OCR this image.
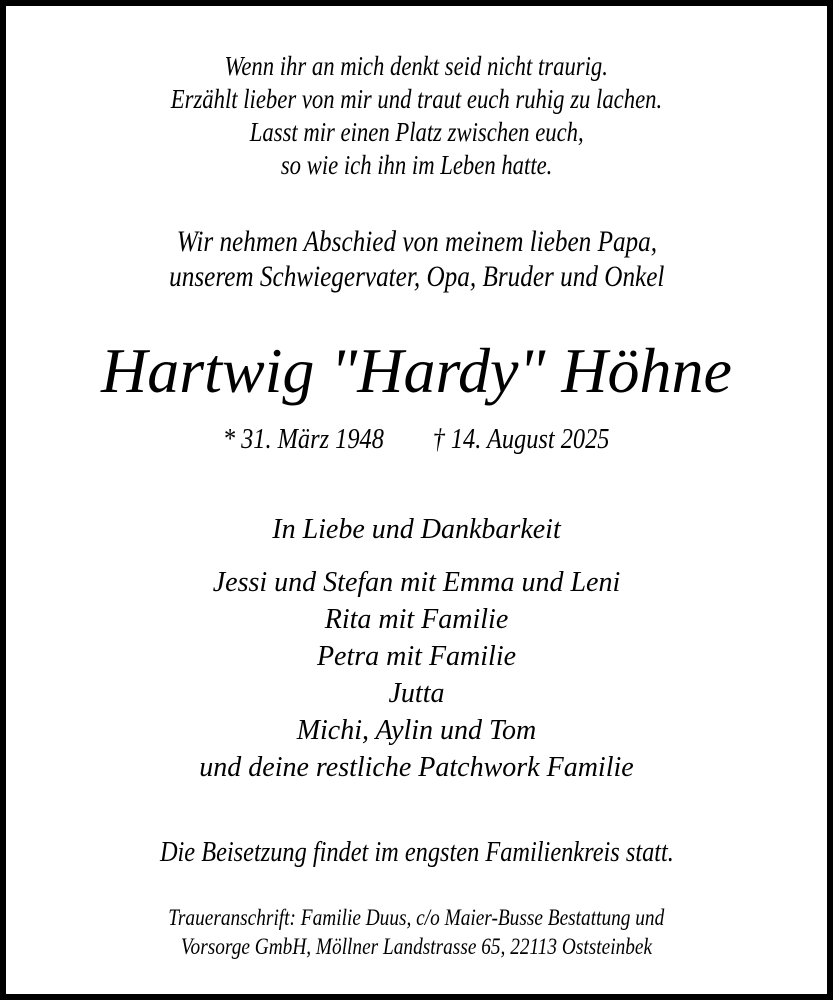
Wenn ihr an mich denkt seid nicht traurig.
Erzählt lieber von mir und traut euch ruhig zu lachen.
Lasst mir einen Platz zwischen euch,
so wie ich ihn im Leben hatte.
Wir nehmen Abschied von meinem lieben Papa,
unserem Schwiegervater, Opa, Bruder und Onkel
Hartwig "Hardy" Höhne
* 31. März 1948 † 14. August 2025
In Liebe und Dankbarkeit
Jessi und Stefan mit Emma und Leni
Rita mit Familie
Petra mit Familie
Jutta
Michi, Aylin und Tom
und deine restliche Patchwork Familie
Die Beisetzung findet im engsten Familienkreis statt.
Traueranschrift: Familie Duus, c/o Maier-Busse Bestattung und
Vorsorge GmbH, Möllner Landstrasse 65, 22113 Oststeinbek
